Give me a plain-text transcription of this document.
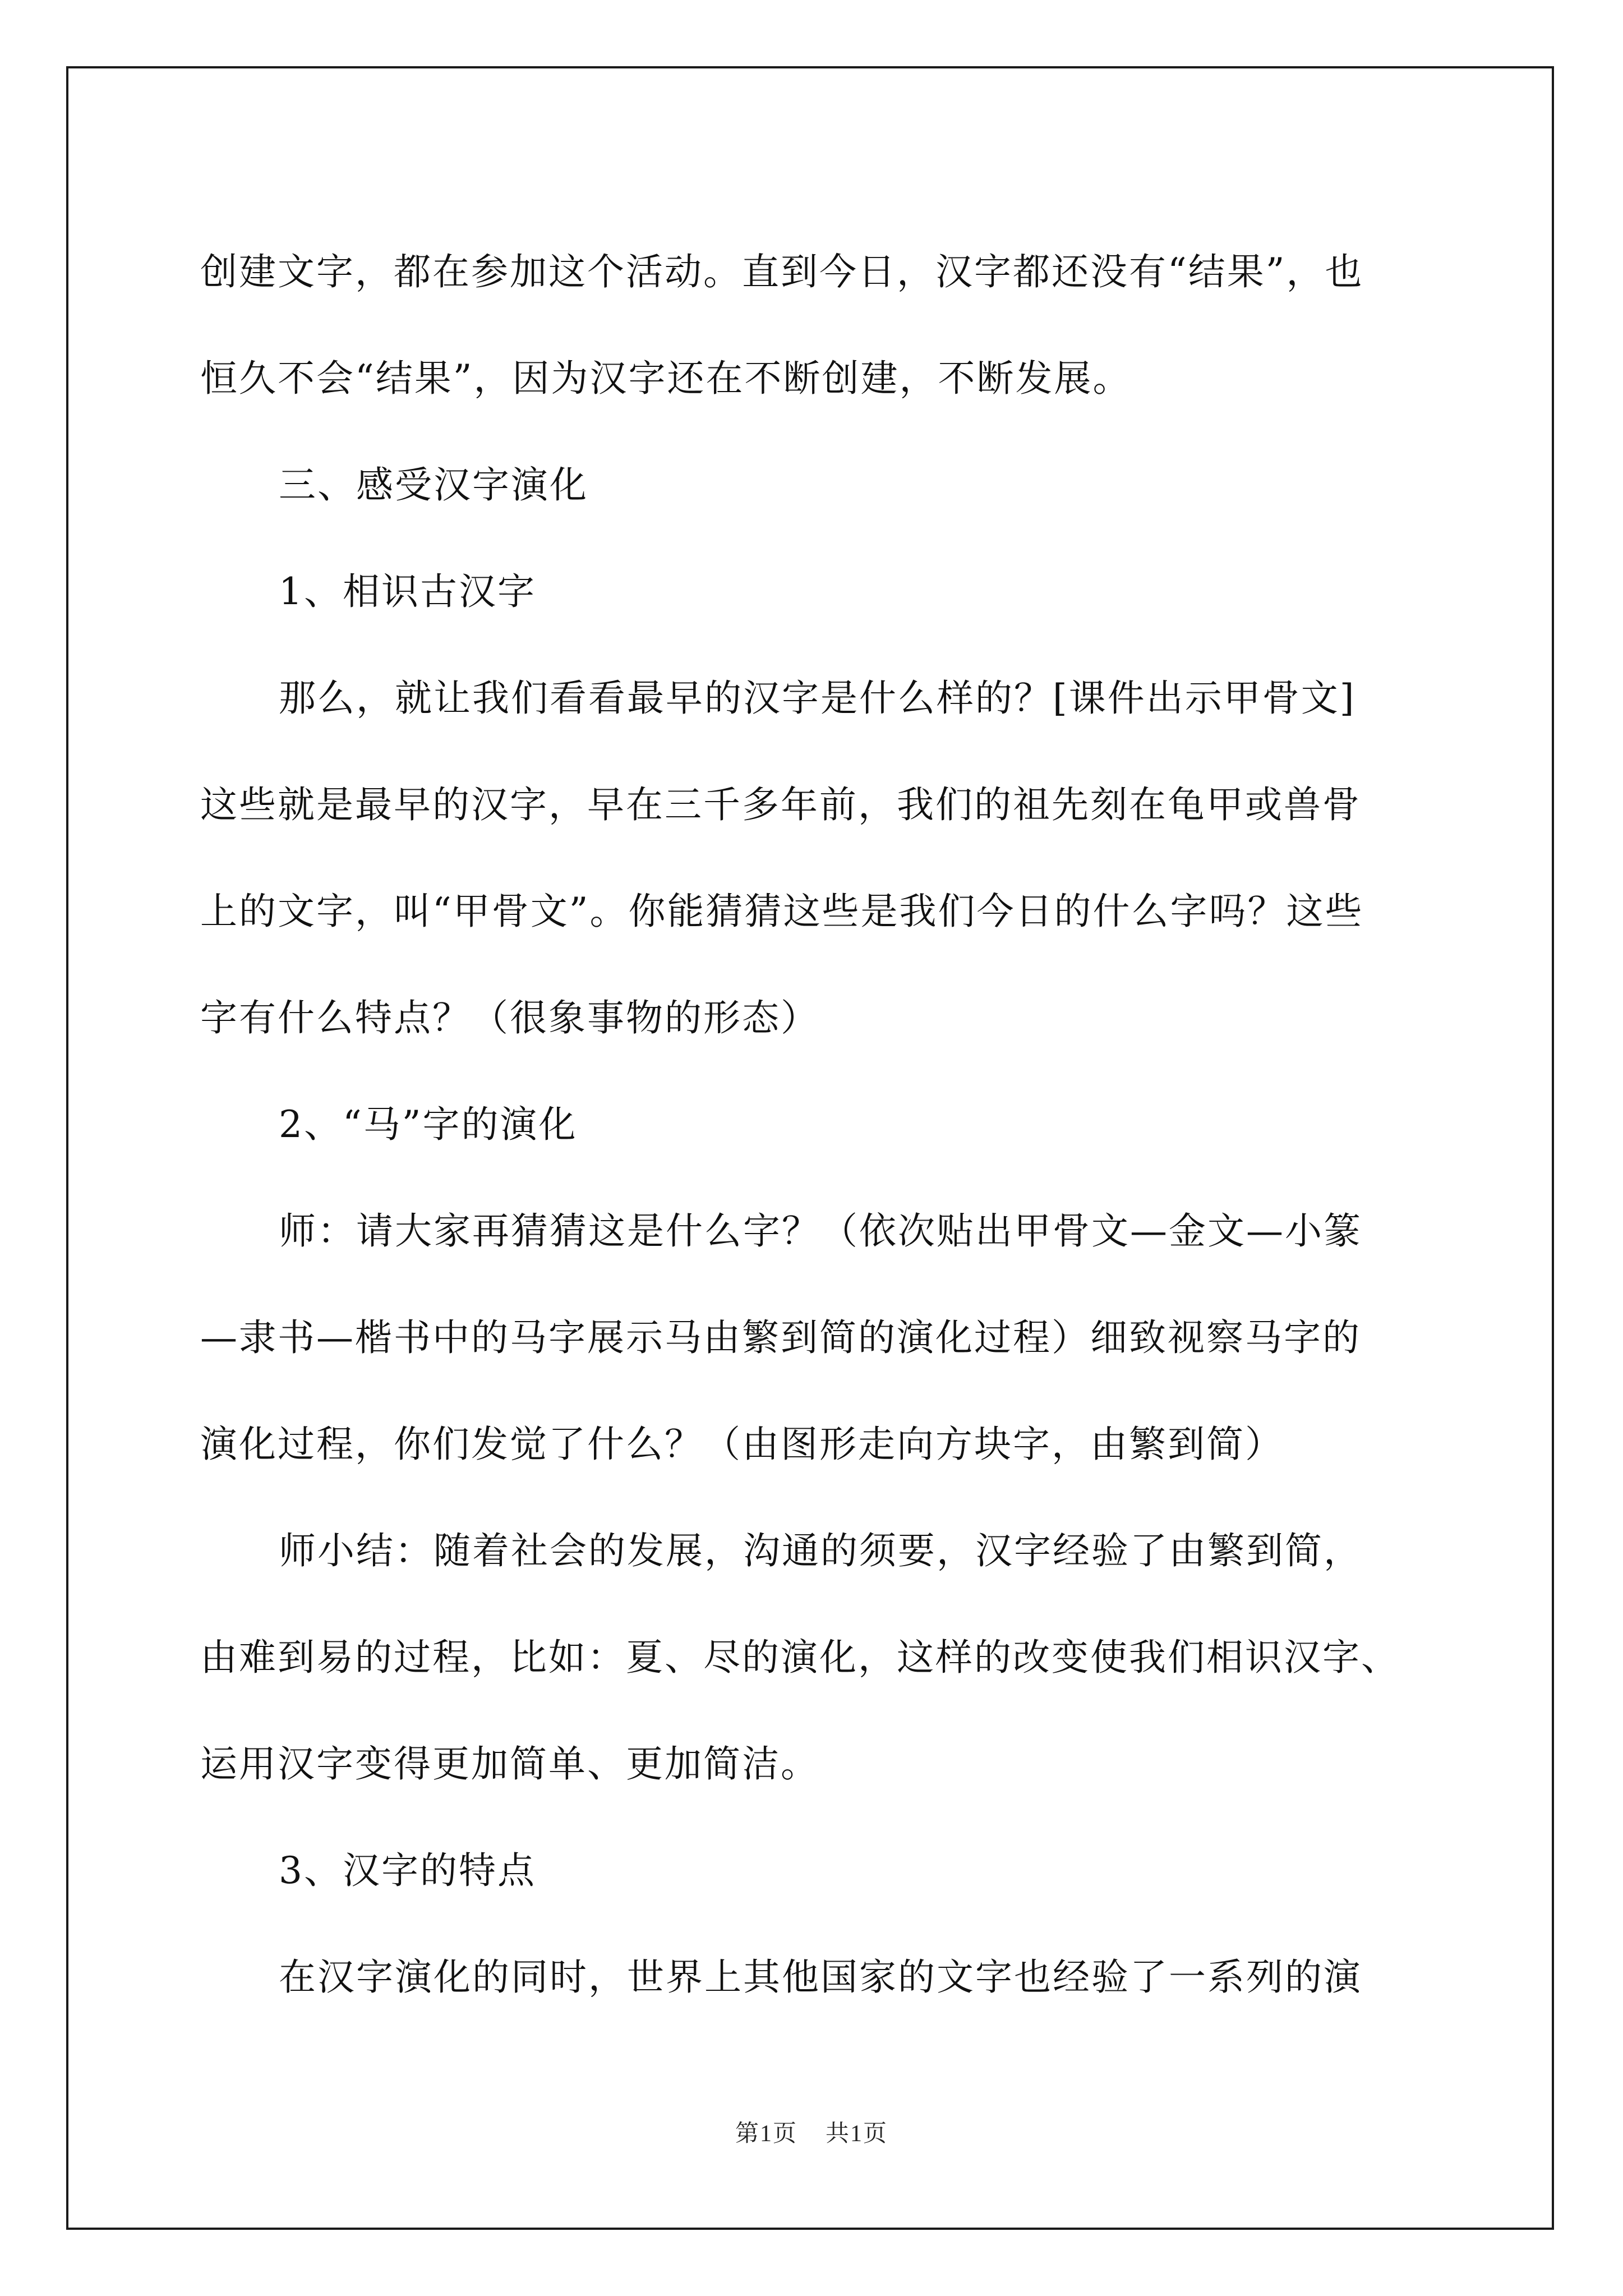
创建文字，都在参加这个活动。直到今日，汉字都还没有“结果”，也

恒久不会“结果”，因为汉字还在不断创建，不断发展。

三、感受汉字演化

1、相识古汉字

那么，就让我们看看最早的汉字是什么样的？[课件出示甲骨文]

这些就是最早的汉字，早在三千多年前，我们的祖先刻在龟甲或兽骨

上的文字，叫“甲骨文”。你能猜猜这些是我们今日的什么字吗？这些

字有什么特点？（很象事物的形态）

2、“马”字的演化

师：请大家再猜猜这是什么字？（依次贴出甲骨文—金文—小篆

—隶书—楷书中的马字展示马由繁到简的演化过程）细致视察马字的

演化过程，你们发觉了什么？（由图形走向方块字，由繁到简）

师小结：随着社会的发展，沟通的须要，汉字经验了由繁到简，

由难到易的过程，比如：夏、尽的演化，这样的改变使我们相识汉字、

运用汉字变得更加简单、更加简洁。

3、汉字的特点

在汉字演化的同时，世界上其他国家的文字也经验了一系列的演

第1页 共1页
